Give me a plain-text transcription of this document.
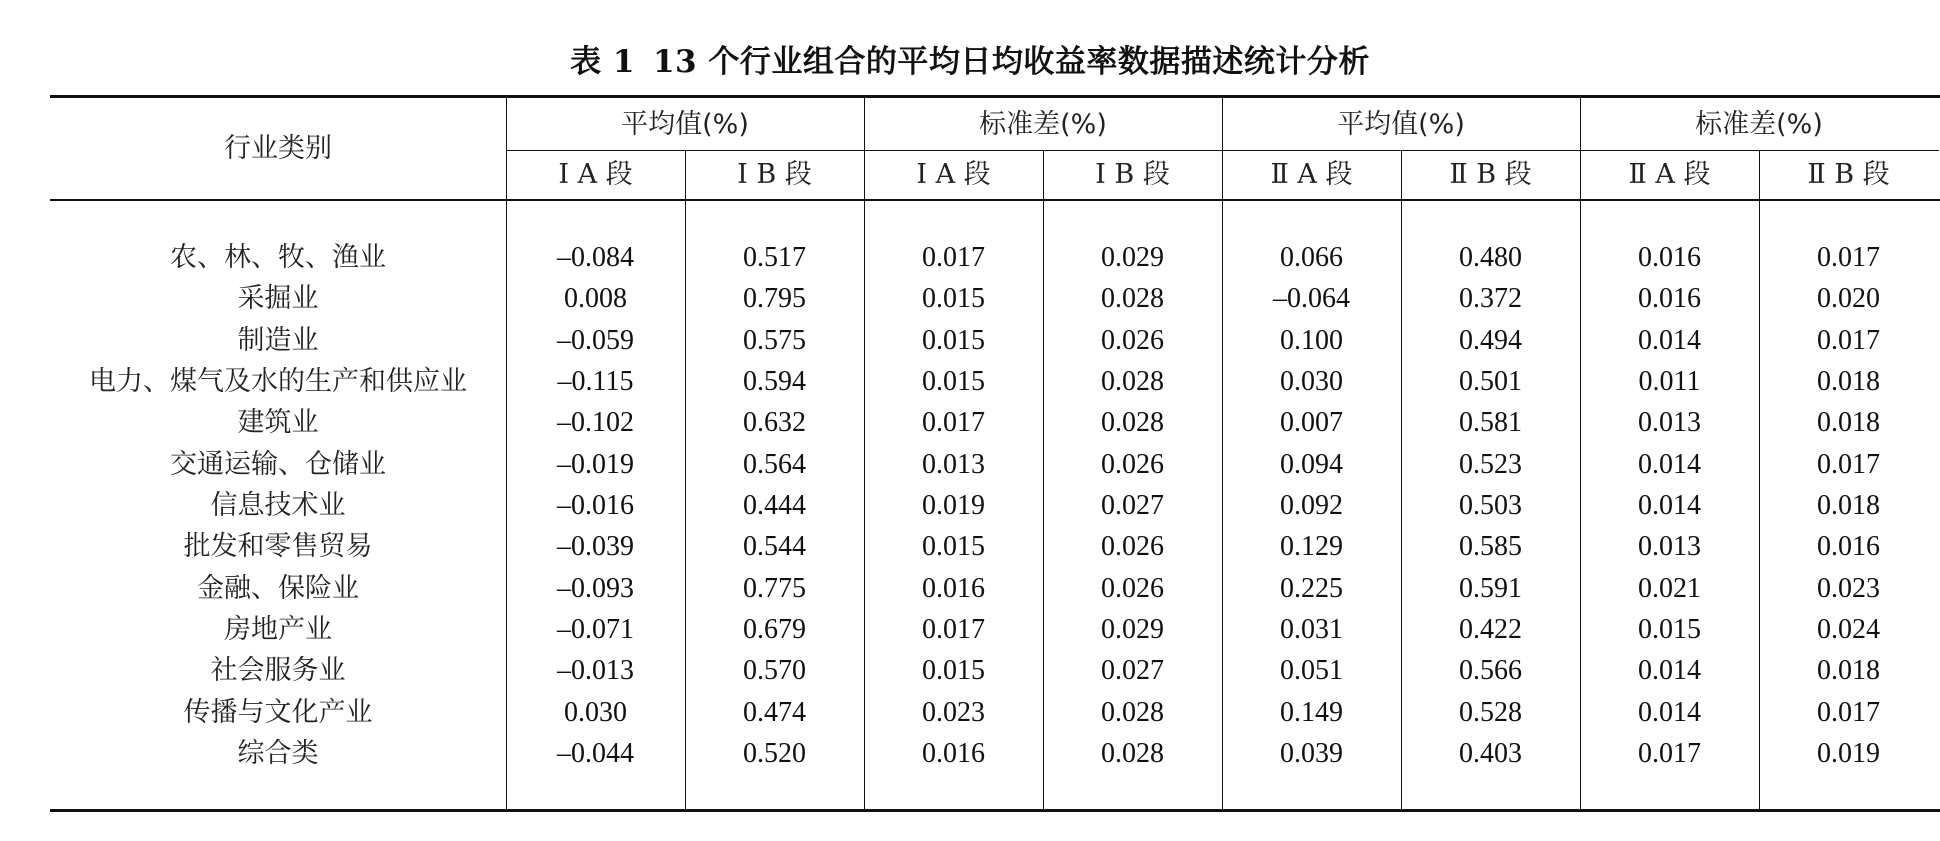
表 1 13 个行业组合的平均日均收益率数据描述统计分析
行业类别
平均值(%)	标准差(%)	平均值(%)	标准差(%)
Ⅰ A 段	Ⅰ B 段	Ⅰ A 段	Ⅰ B 段	Ⅱ A 段	Ⅱ B 段	Ⅱ A 段	Ⅱ B 段
农、林、牧、渔业	–0.084	0.517	0.017	0.029	0.066	0.480	0.016	0.017
采掘业	0.008	0.795	0.015	0.028	–0.064	0.372	0.016	0.020
制造业	–0.059	0.575	0.015	0.026	0.100	0.494	0.014	0.017
电力、煤气及水的生产和供应业	–0.115	0.594	0.015	0.028	0.030	0.501	0.011	0.018
建筑业	–0.102	0.632	0.017	0.028	0.007	0.581	0.013	0.018
交通运输、仓储业	–0.019	0.564	0.013	0.026	0.094	0.523	0.014	0.017
信息技术业	–0.016	0.444	0.019	0.027	0.092	0.503	0.014	0.018
批发和零售贸易	–0.039	0.544	0.015	0.026	0.129	0.585	0.013	0.016
金融、保险业	–0.093	0.775	0.016	0.026	0.225	0.591	0.021	0.023
房地产业	–0.071	0.679	0.017	0.029	0.031	0.422	0.015	0.024
社会服务业	–0.013	0.570	0.015	0.027	0.051	0.566	0.014	0.018
传播与文化产业	0.030	0.474	0.023	0.028	0.149	0.528	0.014	0.017
综合类	–0.044	0.520	0.016	0.028	0.039	0.403	0.017	0.019
